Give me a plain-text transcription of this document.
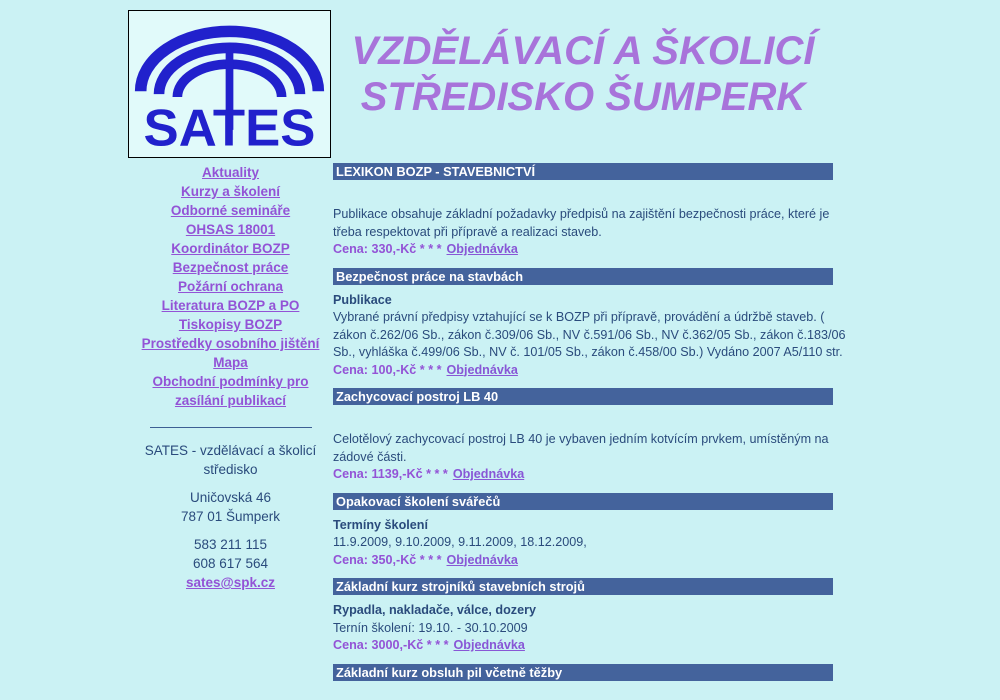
SATES
Aktuality
Kurzy a školení
Odborné semináře
OHSAS 18001
Koordinátor BOZP
Bezpečnost práce
Požární ochrana
Literatura BOZP a PO
Tiskopisy BOZP
Prostředky osobního jištění
Mapa
Obchodní podmínky pro zasílání publikací

SATES - vzdělávací a školicí středisko

Uničovská 46
787 01 Šumperk

583 211 115
608 617 564
sates@spk.cz

VZDĚLÁVACÍ A ŠKOLICÍ
STŘEDISKO ŠUMPERK
LEXIKON BOZP - STAVEBNICTVÍ
Publikace obsahuje základní požadavky předpisů na zajištění bezpečnosti práce, které je
třeba respektovat při přípravě a realizaci staveb.

Cena: 330,-Kč * * * Objednávka

Bezpečnost práce na stavbách

Publikace

Vybrané právní předpisy vztahující se k BOZP při přípravě, provádění a údržbě staveb. (
zákon č.262/06 Sb., zákon č.309/06 Sb., NV č.591/06 Sb., NV č.362/05 Sb., zákon č.183/06
Sb., vyhláška č.499/06 Sb., NV č. 101/05 Sb., zákon č.458/00 Sb.) Vydáno 2007 A5/110 str.

Cena: 100,-Kč * * * Objednávka

Zachycovací postroj LB 40
Celotělový zachycovací postroj LB 40 je vybaven jedním kotvícím prvkem, umístěným na
zádové části.

Cena: 1139,-Kč * * * Objednávka

Opakovací školení svářečů

Termíny školení

11.9.2009, 9.10.2009, 9.11.2009, 18.12.2009,

Cena: 350,-Kč * * * Objednávka

Základní kurz strojníků stavebních strojů

Rypadla, nakladače, válce, dozery

Ternín školení: 19.10. - 30.10.2009

Cena: 3000,-Kč * * * Objednávka

Základní kurz obsluh pil včetně těžby
